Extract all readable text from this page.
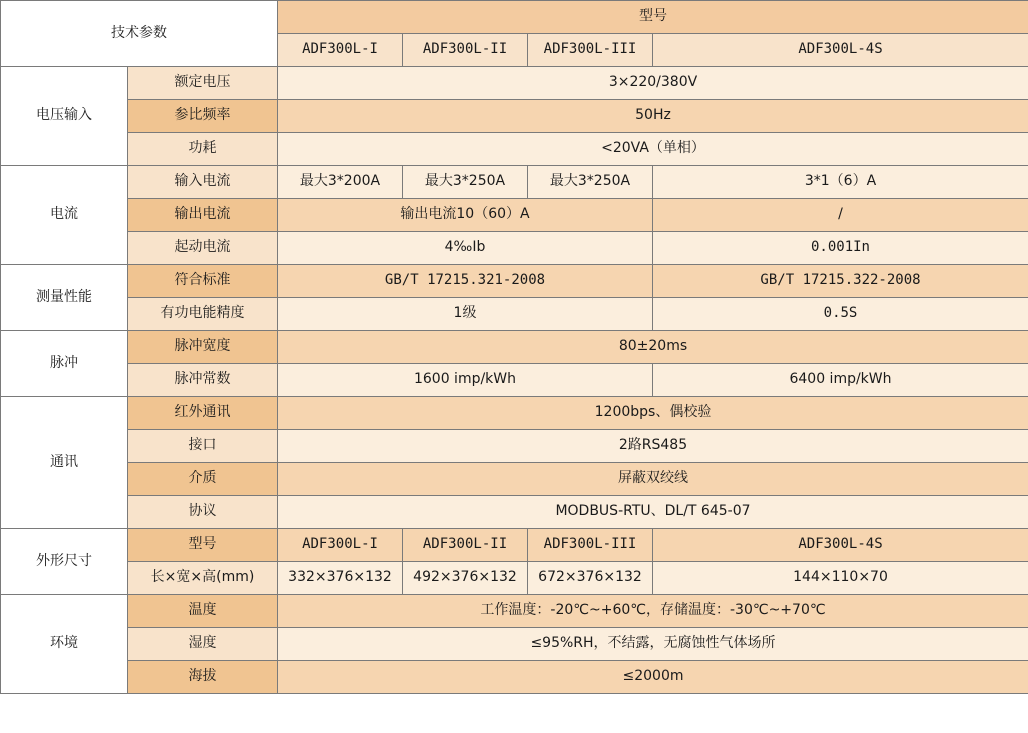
技术参数		型号			
		ADF300L-I	ADF300L-II	ADF300L-III	ADF300L-4S
电压输入	额定电压	3×220/380V			
	参比频率	50Hz			
	功耗	<20VA（单相）			
电流	输入电流	最大3*200A	最大3*250A	最大3*250A	3*1（6）A
	输出电流	输出电流10（60）A			/
	起动电流	4‰Ib			0.001In
测量性能	符合标准	GB/T 17215.321-2008			GB/T 17215.322-2008
	有功电能精度	1级			0.5S
脉冲	脉冲宽度	80±20ms			
	脉冲常数	1600 imp/kWh			6400 imp/kWh
通讯	红外通讯	1200bps、偶校验			
	接口	2路RS485			
	介质	屏蔽双绞线			
	协议	MODBUS-RTU、DL/T 645-07			
外形尺寸	型号	ADF300L-I	ADF300L-II	ADF300L-III	ADF300L-4S
	长×宽×高(mm)	332×376×132	492×376×132	672×376×132	144×110×70
环境	温度	工作温度：-20℃~+60℃，存储温度：-30℃~+70℃			
	湿度	≤95%RH，不结露，无腐蚀性气体场所			
	海拔	≤2000m			
